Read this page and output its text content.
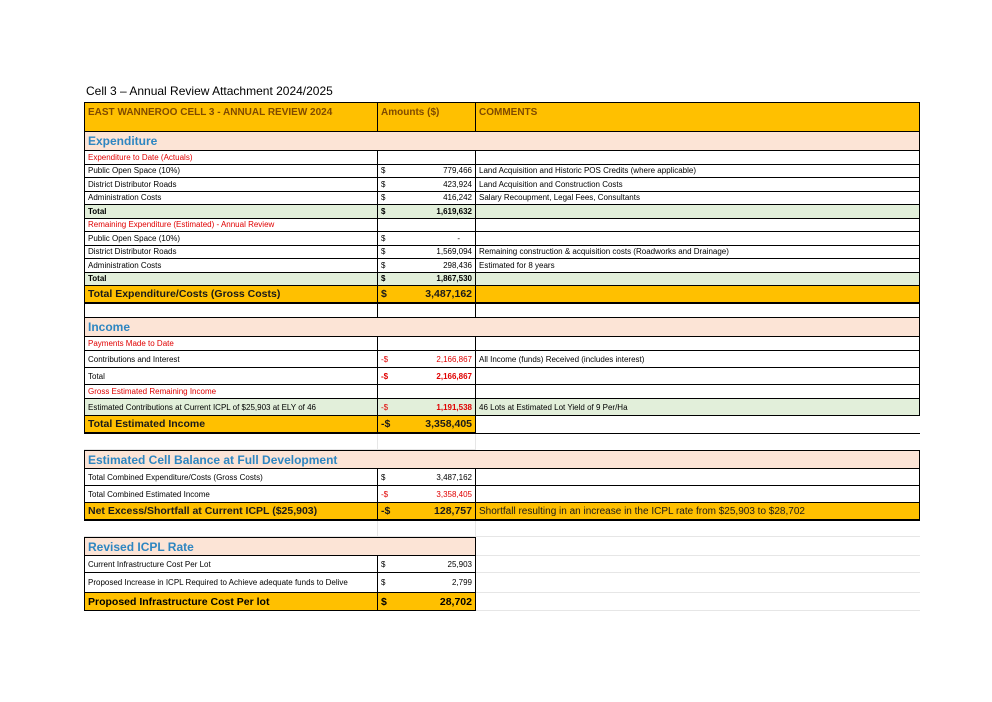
Cell 3 – Annual Review Attachment 2024/2025
EAST WANNEROO CELL 3 - ANNUAL REVIEW 2024	Amounts ($)	COMMENTS
Expenditure
Expenditure to Date (Actuals)
Public Open Space (10%)	$	779,466 Land Acquisition and Historic POS Credits (where applicable)
District Distributor Roads	$	423,924 Land Acquisition and Construction Costs
Administration Costs	$	416,242 Salary Recoupment, Legal Fees, Consultants
Total	$	1,619,632
Remaining Expenditure (Estimated) - Annual Review
Public Open Space (10%)	$	-
District Distributor Roads	$	1,569,094 Remaining construction & acquisition costs (Roadworks and Drainage)
Administration Costs	$	298,436 Estimated for 8 years
Total	$	1,867,530
Total Expenditure/Costs (Gross Costs)	$	3,487,162
Income
Payments Made to Date
Contributions and Interest	-$	2,166,867 All Income (funds) Received (includes interest)
Total	-$	2,166,867
Gross Estimated Remaining Income
Estimated Contributions at Current ICPL of $25,903 at ELY of 46	-$	1,191,538 46 Lots at Estimated Lot Yield of 9 Per/Ha
Total Estimated Income	-$	3,358,405
Estimated Cell Balance at Full Development
Total Combined Expenditure/Costs (Gross Costs)	$	3,487,162
Total Combined Estimated Income	-$	3,358,405
Net Excess/Shortfall at Current ICPL ($25,903)	-$	128,757 Shortfall resulting in an increase in the ICPL rate from $25,903 to $28,702
Revised ICPL Rate
Current Infrastructure Cost Per Lot	$	25,903
Proposed Increase in ICPL Required to Achieve adequate funds to Delive	$	2,799
Proposed Infrastructure Cost Per lot	$	28,702
